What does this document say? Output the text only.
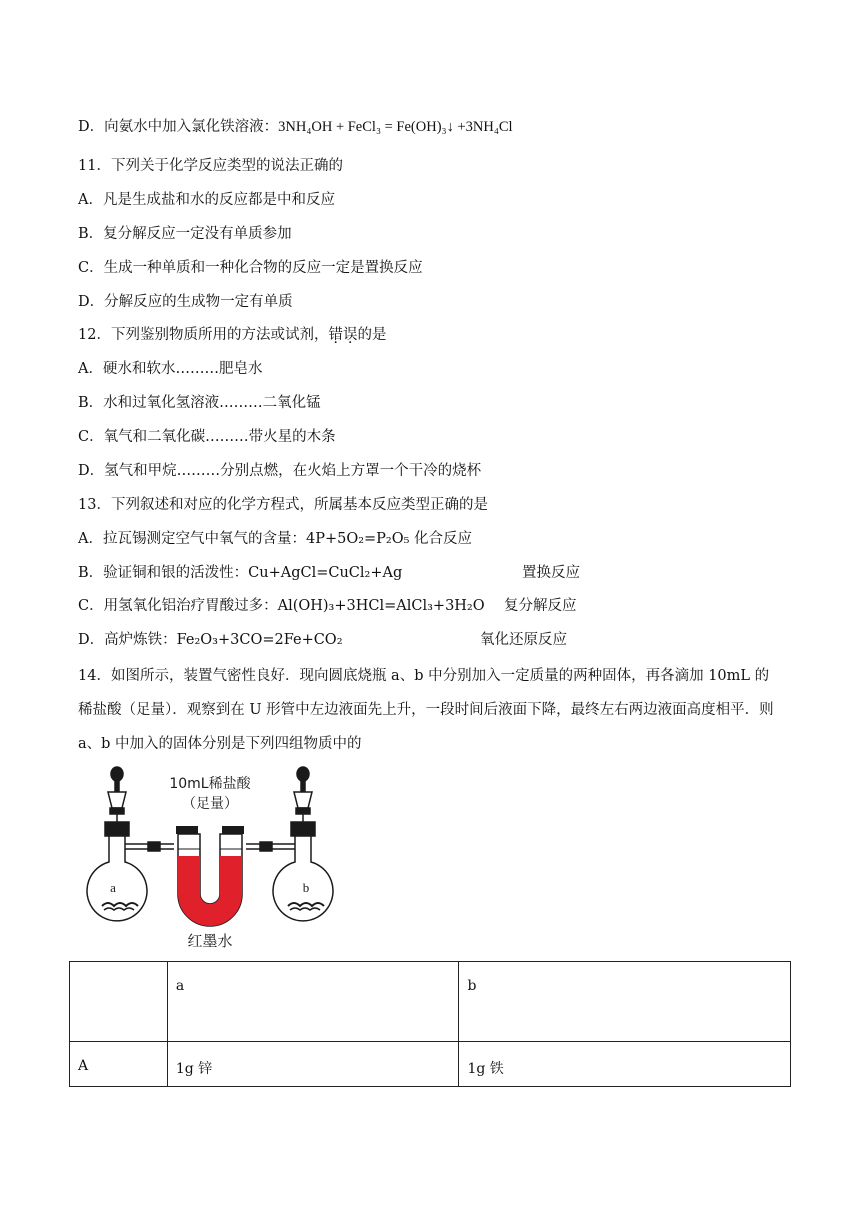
D．向氨水中加入氯化铁溶液：3NH₄OH + FeCl₃ = Fe(OH)₃↓ +3NH₄Cl
11．下列关于化学反应类型的说法正确的
A．凡是生成盐和水的反应都是中和反应
B．复分解反应一定没有单质参加
C．生成一种单质和一种化合物的反应一定是置换反应
D．分解反应的生成物一定有单质
12．下列鉴别物质所用的方法或试剂，错误的是
A．硬水和软水………肥皂水
B．水和过氧化氢溶液………二氧化锰
C．氧气和二氧化碳………带火星的木条
D．氢气和甲烷………分别点燃，在火焰上方罩一个干冷的烧杯
13．下列叙述和对应的化学方程式，所属基本反应类型正确的是
A．拉瓦锡测定空气中氧气的含量：4P+5O₂=P₂O₅ 化合反应
B．验证铜和银的活泼性：Cu+AgCl=CuCl₂+Ag	置换反应
C．用氢氧化铝治疗胃酸过多：Al(OH)₃+3HCl=AlCl₃+3H₂O 复分解反应
D．高炉炼铁：Fe₂O₃+3CO=2Fe+CO₂	氧化还原反应
14．如图所示，装置气密性良好．现向圆底烧瓶 a、b 中分别加入一定质量的两种固体，再各滴加 10mL 的
稀盐酸（足量）．观察到在 U 形管中左边液面先上升，一段时间后液面下降，最终左右两边液面高度相平．则
a、b 中加入的固体分别是下列四组物质中的
10mL稀盐酸
（足量）
a	b
红墨水
	a	b
A	1g 锌	1g 铁
